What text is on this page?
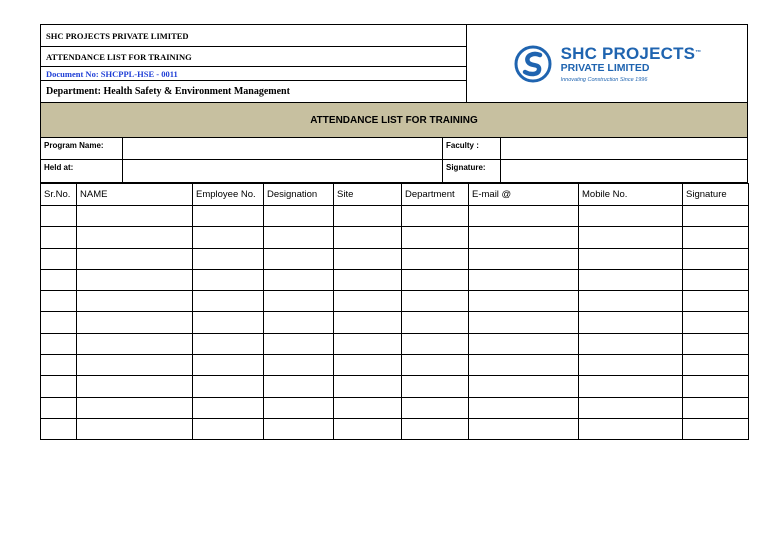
SHC PROJECTS PRIVATE LIMITED
ATTENDANCE LIST FOR TRAINING
Document No: SHCPPL-HSE - 0011
Department: Health Safety & Environment Management
SHC PROJECTS™
PRIVATE LIMITED
Innovating Construction Since 1996
ATTENDANCE LIST FOR TRAINING
Program Name:	Faculty :
Held at:	Signature:
Sr.No.	NAME	Employee No.	Designation	Site	Department	E-mail @	Mobile No.	Signature
